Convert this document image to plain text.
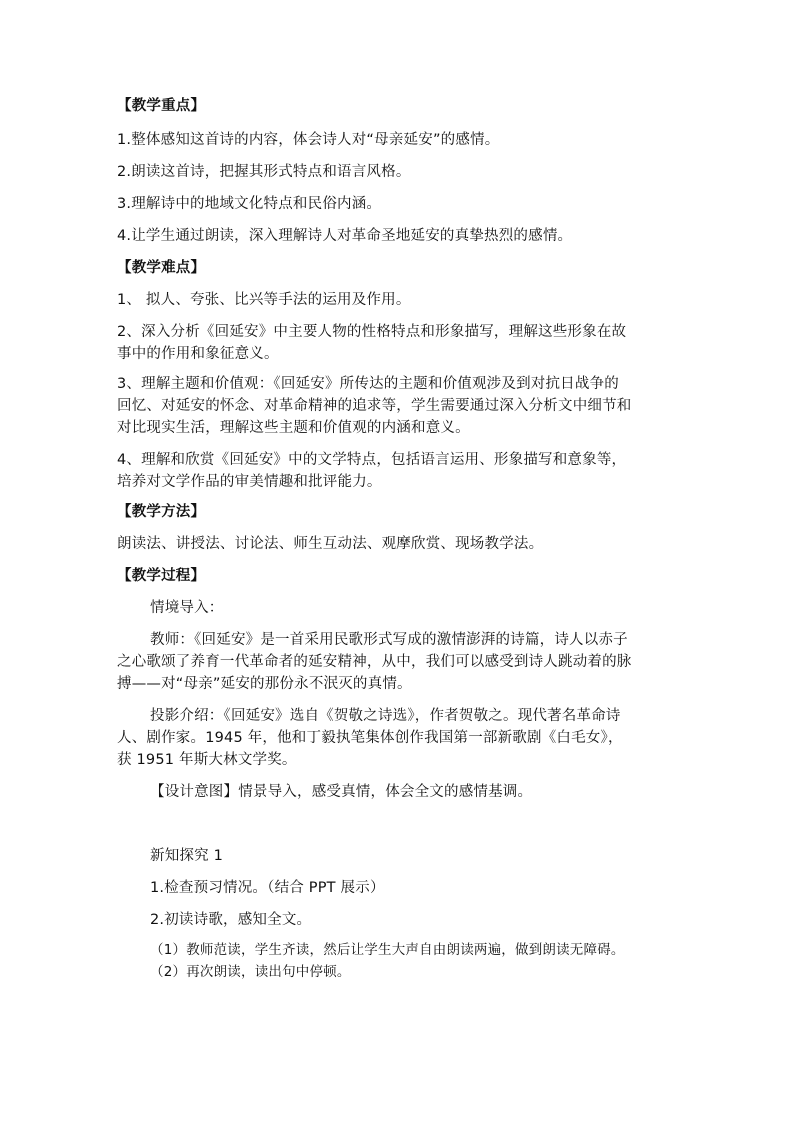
【教学重点】
1.整体感知这首诗的内容，体会诗人对“母亲延安”的感情。
2.朗读这首诗，把握其形式特点和语言风格。
3.理解诗中的地域文化特点和民俗内涵。
4.让学生通过朗读，深入理解诗人对革命圣地延安的真挚热烈的感情。
【教学难点】
1、 拟人、夸张、比兴等手法的运用及作用。
2、深入分析《回延安》中主要人物的性格特点和形象描写，理解这些形象在故
事中的作用和象征意义。
3、理解主题和价值观：《回延安》所传达的主题和价值观涉及到对抗日战争的
回忆、对延安的怀念、对革命精神的追求等，学生需要通过深入分析文中细节和
对比现实生活，理解这些主题和价值观的内涵和意义。
4、理解和欣赏《回延安》中的文学特点，包括语言运用、形象描写和意象等，
培养对文学作品的审美情趣和批评能力。
【教学方法】
朗读法、讲授法、讨论法、师生互动法、观摩欣赏、现场教学法。
【教学过程】
情境导入：
教师：《回延安》是一首采用民歌形式写成的激情澎湃的诗篇，诗人以赤子
之心歌颂了养育一代革命者的延安精神，从中，我们可以感受到诗人跳动着的脉
搏——对“母亲”延安的那份永不泯灭的真情。
投影介绍：《回延安》选自《贺敬之诗选》，作者贺敬之。现代著名革命诗
人、剧作家。1945 年，他和丁毅执笔集体创作我国第一部新歌剧《白毛女》，
获 1951 年斯大林文学奖。
【设计意图】情景导入，感受真情，体会全文的感情基调。
新知探究 1
1.检查预习情况。（结合 PPT 展示）
2.初读诗歌，感知全文。
（1）教师范读，学生齐读，然后让学生大声自由朗读两遍，做到朗读无障碍。
（2）再次朗读，读出句中停顿。
